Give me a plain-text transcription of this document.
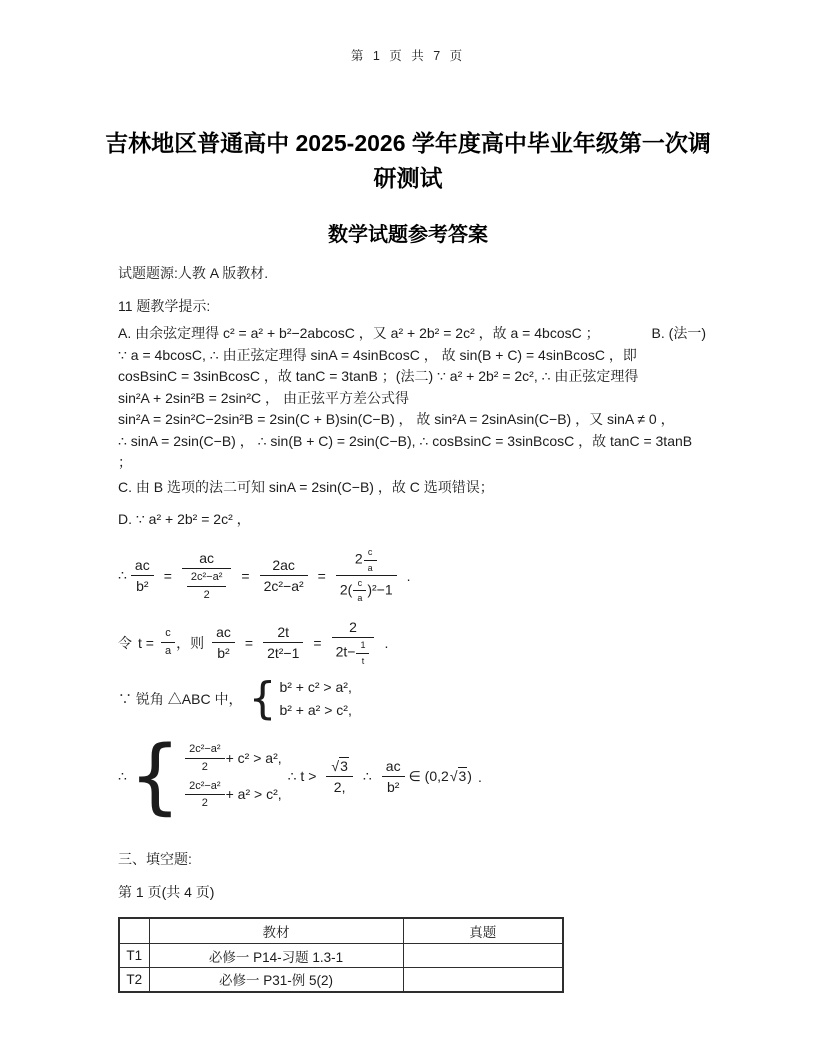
第 1 页 共 7 页
吉林地区普通高中 2025-2026 学年度高中毕业年级第一次调
研测试
数学试题参考答案
试题题源:人教 A 版教材.
11 题教学提示:
A. 由余弦定理得 c² = a² + b²−2abcosC ，又 a² + 2b² = 2c² ，故 a = 4bcosC ；	B. (法一)
∵ a = 4bcosC, ∴ 由正弦定理得 sinA = 4sinBcosC ， 故 sin(B + C) = 4sinBcosC ，即
cosBsinC = 3sinBcosC ，故 tanC = 3tanB ；(法二) ∵ a² + 2b² = 2c², ∴ 由正弦定理得
sin²A + 2sin²B = 2sin²C ， 由正弦平方差公式得
sin²A = 2sin²C−2sin²B = 2sin(C + B)sin(C−B) ， 故 sin²A = 2sinAsin(C−B) ，又 sinA ≠ 0 ，
∴ sinA = 2sin(C−B) ， ∴ sin(B + C) = 2sin(C−B), ∴ cosBsinC = 3sinBcosC ，故 tanC = 3tanB
；
C. 由 B 选项的法二可知 sinA = 2sin(C−B) ，故 C 选项错误；
D. ∵ a² + 2b² = 2c² ，
∴ $\frac{ac}{\text{b²}} = \frac{ac}{\frac{\text{2c²−a²}}{2}} = \frac{2ac}{\text{2c²−a²}} = \frac{2 \frac{c}{a}}{2( \frac{c}{a} )^2-1}$ .
令 $t = \frac{c}{a}$ ，则 $\frac{ac}{\text{b²}} = \frac{2t}{\text{2t²−1}} = \frac{2}{2t- \frac{1}{t}}$ .
∵ 锐角 △ABC 中， { b² + c² > a²,
b² + a² > c²,
∴ { $\frac{\text{2c²−a²}}{2} + c^2 > a^2$,
$\frac{\text{2c²−a²}}{2} + a^2 > c^2$,
∴ $t > \frac{√3}{2,}$ ∴ $\frac{ac}{\text{b²}}$ ∈ (0,2√3) .
三、填空题:
第 1 页(共 4 页)
	教材	真题
T1	必修一 P14-习题 1.3-1	
T2	必修一 P31-例 5(2)	
